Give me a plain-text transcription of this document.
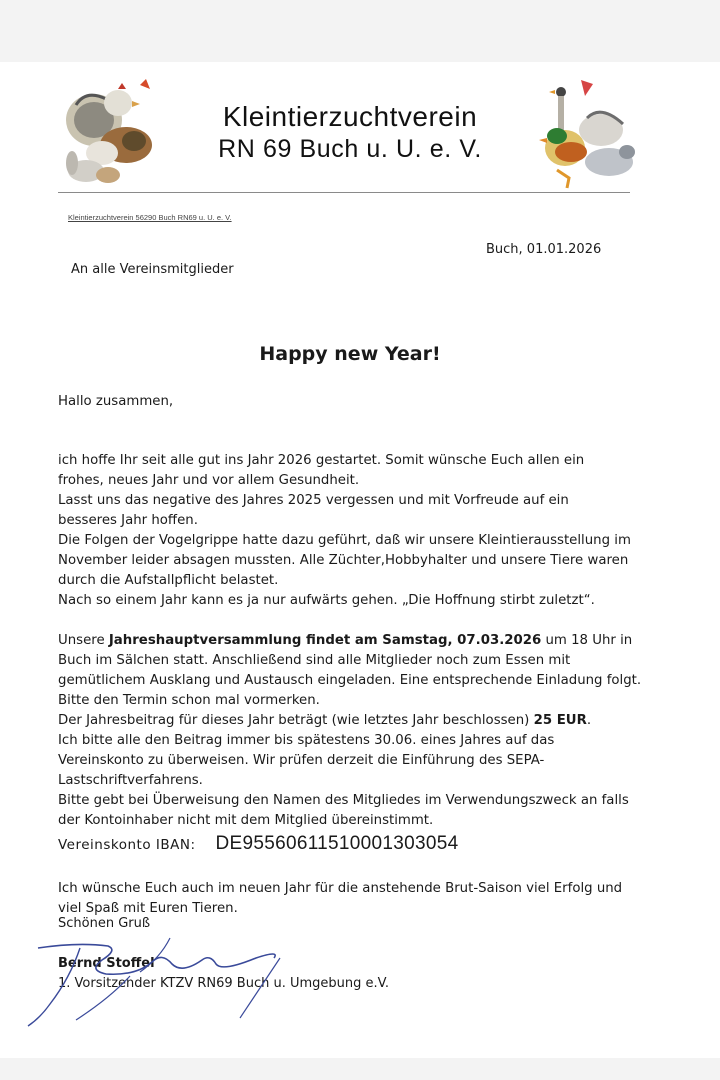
Kleintierzuchtverein
RN 69 Buch u. U. e. V.
Kleintierzuchtverein 56290 Buch RN69 u. U. e. V.
Buch, 01.01.2026
An alle Vereinsmitglieder
Happy new Year!

Hallo zusammen,

ich hoffe Ihr seit alle gut ins Jahr 2026 gestartet. Somit wünsche Euch allen ein

frohes, neues Jahr und vor allem Gesundheit.

Lasst uns das negative des Jahres 2025 vergessen und mit Vorfreude auf ein

besseres Jahr hoffen.

Die Folgen der Vogelgrippe hatte dazu geführt, daß wir unsere Kleintierausstellung im

November leider absagen mussten. Alle Züchter,Hobbyhalter und unsere Tiere waren

durch die Aufstallpflicht belastet.

Nach so einem Jahr kann es ja nur aufwärts gehen. „Die Hoffnung stirbt zuletzt“.

Unsere Jahreshauptversammlung findet am Samstag, 07.03.2026 um 18 Uhr in

Buch im Sälchen statt. Anschließend sind alle Mitglieder noch zum Essen mit

gemütlichem Ausklang und Austausch eingeladen. Eine entsprechende Einladung folgt.

Bitte den Termin schon mal vormerken.

Der Jahresbeitrag für dieses Jahr beträgt (wie letztes Jahr beschlossen) 25 EUR.

Ich bitte alle den Beitrag immer bis spätestens 30.06. eines Jahres auf das

Vereinskonto zu überweisen. Wir prüfen derzeit die Einführung des SEPA-

Lastschriftverfahrens.

Bitte gebt bei Überweisung den Namen des Mitgliedes im Verwendungszweck an falls

der Kontoinhaber nicht mit dem Mitglied übereinstimmt.

Vereinskonto IBAN: DE95560611510001303054

Ich wünsche Euch auch im neuen Jahr für die anstehende Brut-Saison viel Erfolg und

viel Spaß mit Euren Tieren.

Schönen Gruß
Bernd Stoffel
1. Vorsitzender KTZV RN69 Buch u. Umgebung e.V.
